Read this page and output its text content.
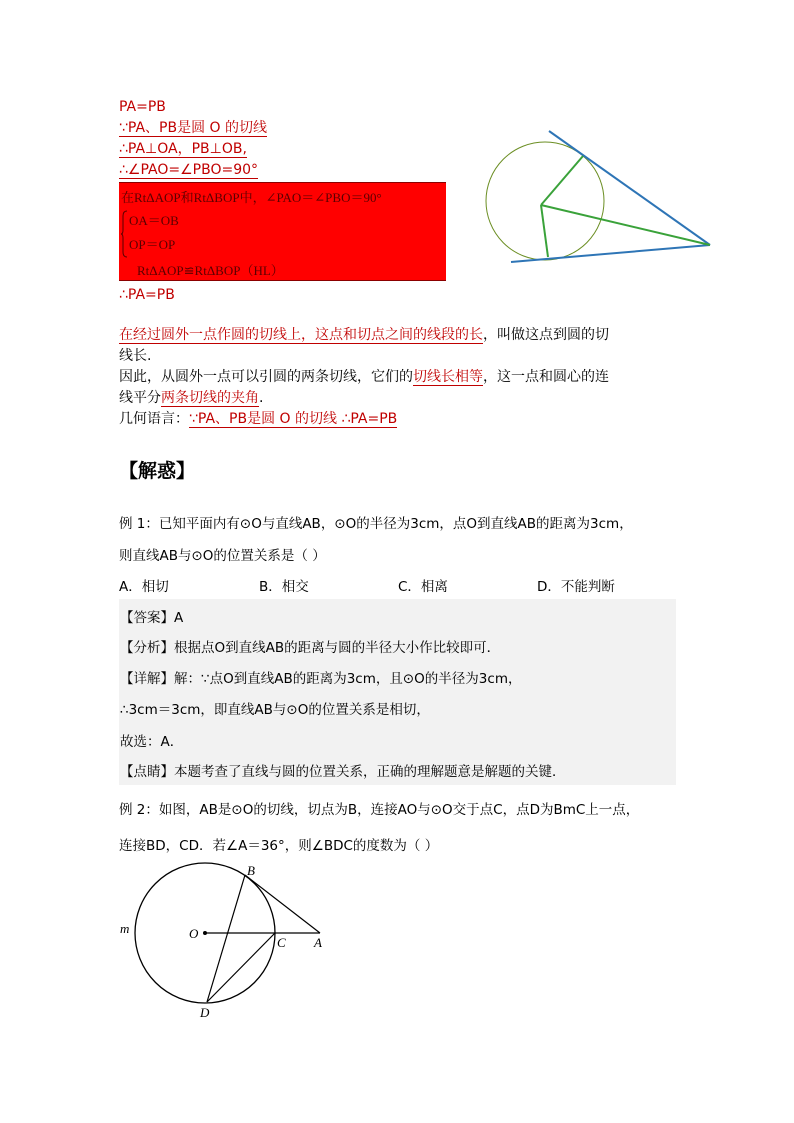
PA=PB
∵PA、PB是圆 O 的切线
∴PA⊥OA，PB⊥OB,
∴∠PAO=∠PBO=90°
在RtΔAOP和RtΔBOP中，∠PAO＝∠PBO＝90°
OA＝OB
OP＝OP
RtΔAOP≌RtΔBOP（HL）
∴PA=PB
在经过圆外一点作圆的切线上，这点和切点之间的线段的长，叫做这点到圆的切
线长.
因此，从圆外一点可以引圆的两条切线，它们的切线长相等，这一点和圆心的连
线平分两条切线的夹角.
几何语言：∵PA、PB是圆 O 的切线 ∴PA=PB
【解惑】
例 1：已知平面内有⊙O与直线AB，⊙O的半径为3cm，点O到直线AB的距离为3cm，
则直线AB与⊙O的位置关系是（ ）
A．相切	B．相交	C．相离	D．不能判断
【答案】A
【分析】根据点O到直线AB的距离与圆的半径大小作比较即可．
【详解】解：∵点O到直线AB的距离为3cm，且⊙O的半径为3cm，
∴3cm＝3cm，即直线AB与⊙O的位置关系是相切，
故选：A．
【点睛】本题考查了直线与圆的位置关系，正确的理解题意是解题的关键．
例 2：如图，AB是⊙O的切线，切点为B，连接AO与⊙O交于点C，点D为BmC上一点，
连接BD，CD．若∠A＝36°，则∠BDC的度数为（ ）
B
O
C A
D
m
